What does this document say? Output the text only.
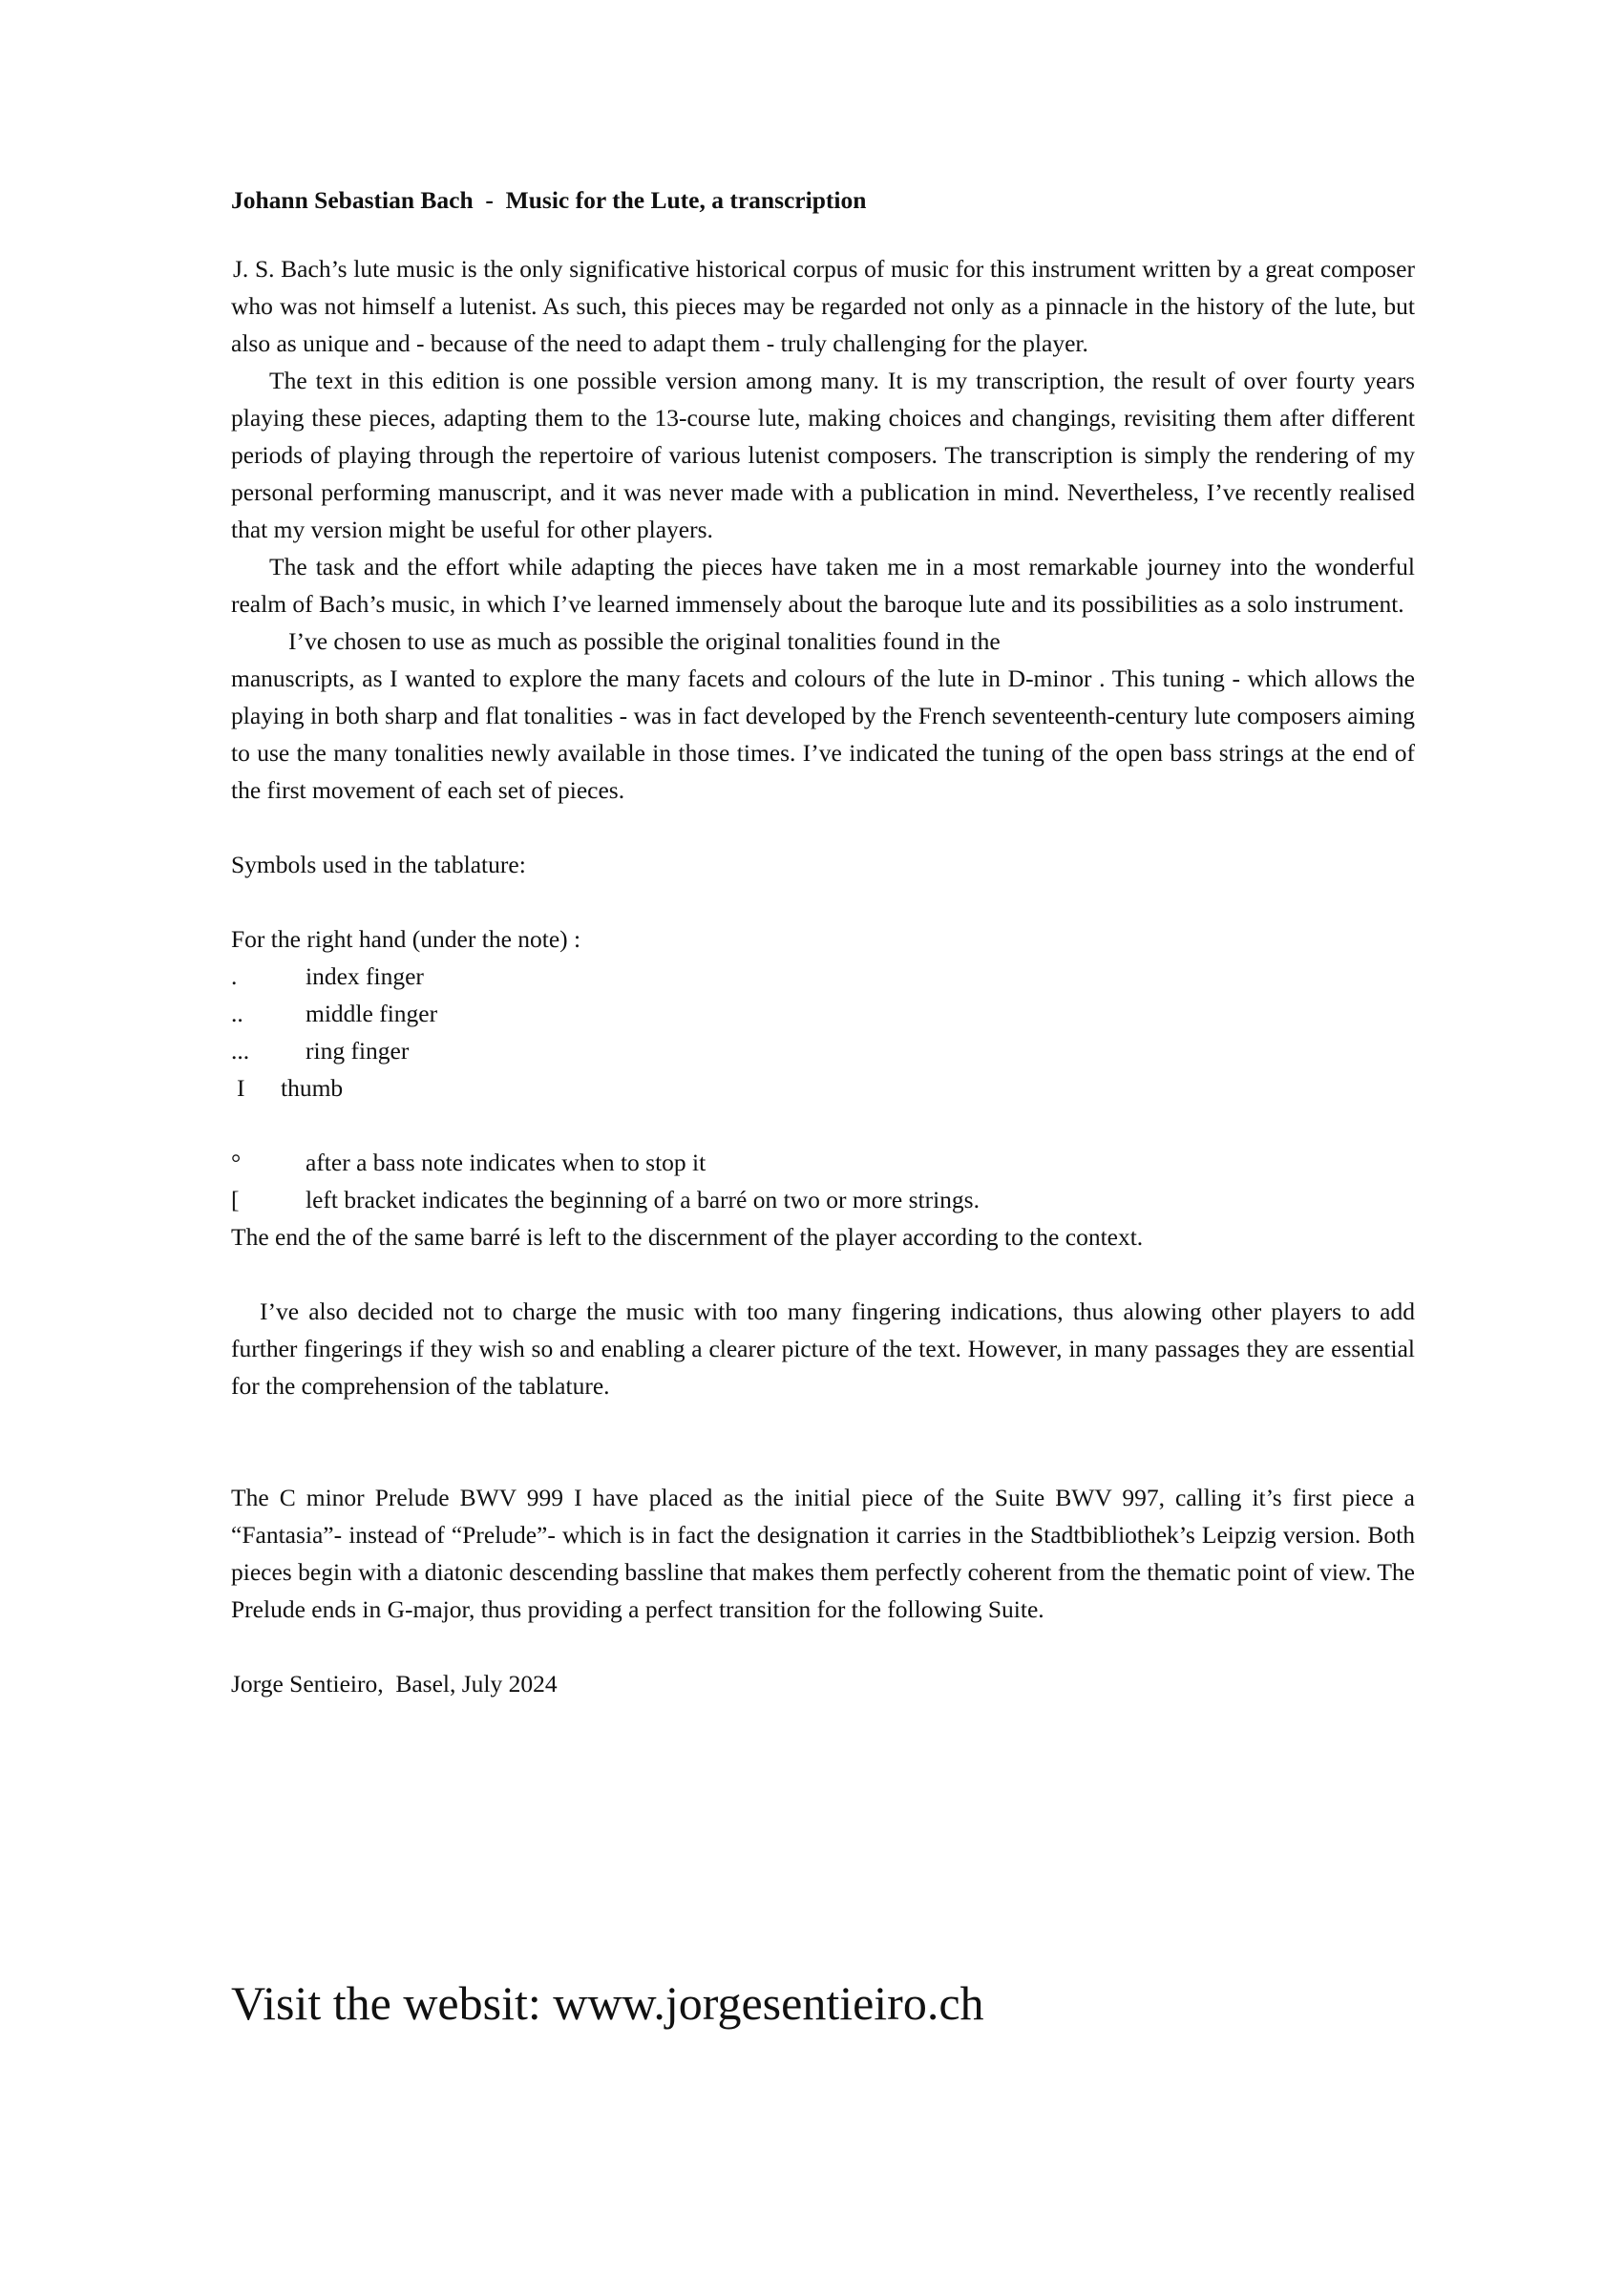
Johann Sebastian Bach  -  Music for the Lute, a transcription

J. S. Bach’s lute music is the only significative historical corpus of music for this instrument written by a great composer who was not himself a lutenist. As such, this pieces may be regarded not only as a pinnacle in the history of the lute, but also as unique and - because of the need to adapt them - truly challenging for the player.

The text in this edition is one possible version among many. It is my transcription, the result of over fourty years playing these pieces, adapting them to the 13-course lute, making choices and changings, revisiting them after different periods of playing through the repertoire of various lutenist composers. The transcription is simply the rendering of my personal performing manuscript, and it was never made with a publication in mind. Nevertheless, I’ve recently realised that my version might be useful for other players.

The task and the effort while adapting the pieces have taken me in a most remarkable journey into the wonderful realm of Bach’s music, in which I’ve learned immensely about the baroque lute and its possibilities as a solo instrument.

I’ve chosen to use as much as possible the original tonalities found in the

manuscripts, as I wanted to explore the many facets and colours of the lute in D-minor . This tuning - which allows the playing in both sharp and flat tonalities - was in fact developed by the French seventeenth-century lute composers aiming to use the many tonalities newly available in those times. I’ve indicated the tuning of the open bass strings at the end of the first movement of each set of pieces.

Symbols used in the tablature:
For the right hand (under the note) :
.	index finger
..	middle finger
...	ring finger
I	thumb
°	after a bass note indicates when to stop it
[	left bracket indicates the beginning of a barré on two or more strings.
The end the of the same barré is left to the discernment of the player according to the context.

I’ve also decided not to charge the music with too many fingering indications, thus alowing other players to add further fingerings if they wish so and enabling a clearer picture of the text. However, in many passages they are essential for the comprehension of the tablature.

The C minor Prelude BWV 999 I have placed as the initial piece of the Suite BWV 997, calling it’s first piece a “Fantasia”- instead of “Prelude”- which is in fact the designation it carries in the Stadtbibliothek’s Leipzig version. Both pieces begin with a diatonic descending bassline that makes them perfectly coherent from the thematic point of view. The Prelude ends in G-major, thus providing a perfect transition for the following Suite.

Jorge Sentieiro,  Basel, July 2024
Visit the websit: www.jorgesentieiro.ch
